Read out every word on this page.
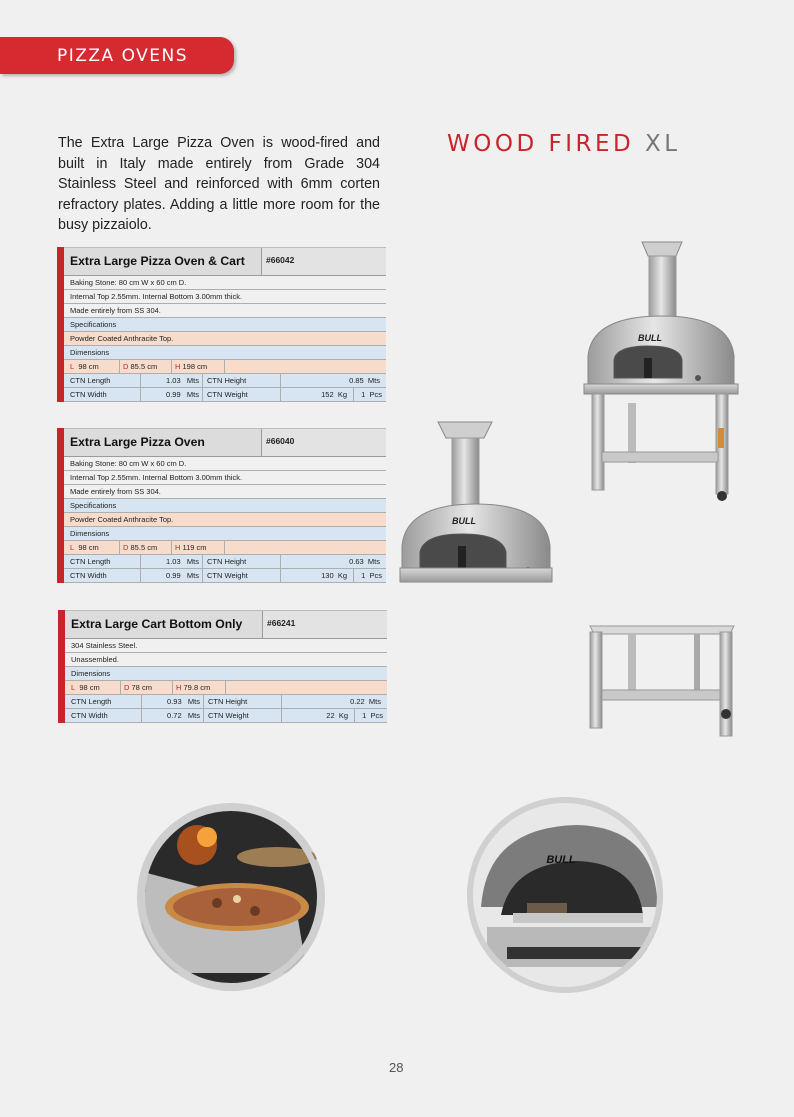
PIZZA OVENS
The Extra Large Pizza Oven is wood-fired and built in Italy made entirely from Grade 304 Stainless Steel and reinforced with 6mm corten refractory plates. Adding a little more room for the busy pizzaiolo.
WOOD FIRED XL
Extra Large Pizza Oven & Cart	#66042
Baking Stone: 80 cm W x 60 cm D.
Internal Top 2.55mm. Internal Bottom 3.00mm thick.
Made entirely from SS 304.
Specifications
Powder Coated Anthracite Top.
Dimensions
L 98 cm	D 85.5 cm	H 198 cm
CTN Length	1.03 Mts	CTN Height	0.85 Mts
CTN Width	0.99 Mts	CTN Weight	152 Kg	1 Pcs
Extra Large Pizza Oven	#66040
Baking Stone: 80 cm W x 60 cm D.
Internal Top 2.55mm. Internal Bottom 3.00mm thick.
Made entirely from SS 304.
Specifications
Powder Coated Anthracite Top.
Dimensions
L 98 cm	D 85.5 cm	H 119 cm
CTN Length	1.03 Mts	CTN Height	0.63 Mts
CTN Width	0.99 Mts	CTN Weight	130 Kg	1 Pcs
Extra Large Cart Bottom Only	#66241
304 Stainless Steel.
Unassembled.
Dimensions
L 98 cm	D 78 cm	H 79.8 cm
CTN Length	0.93 Mts	CTN Height	0.22 Mts
CTN Width	0.72 Mts	CTN Weight	22 Kg	1 Pcs
BULL
BULL
BULL
28
